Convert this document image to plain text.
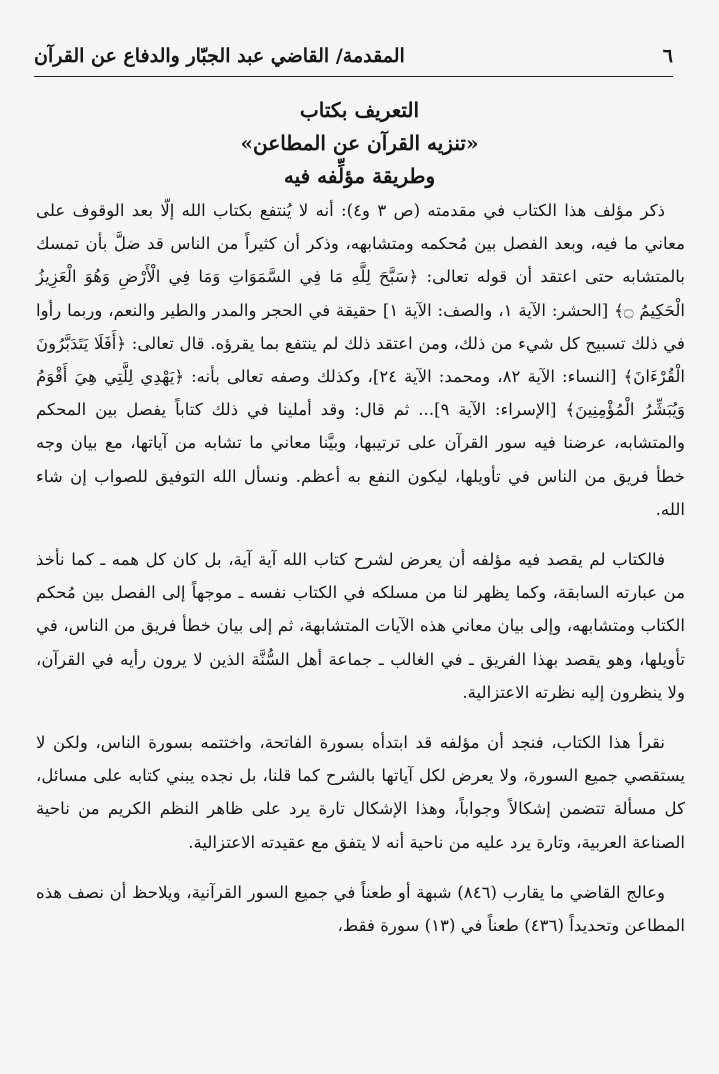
٦
المقدمة/ القاضي عبد الجبّار والدفاع عن القرآن
التعريف بكتاب
«تنزيه القرآن عن المطاعن»
وطريقة مؤلِّفه فيه

ذكر مؤلف هذا الكتاب في مقدمته (ص ٣ و٤): أنه لا يُنتفع بكتاب الله إلّا بعد الوقوف على معاني ما فيه، وبعد الفصل بين مُحكمه ومتشابهه، وذكر أن كثيراً من الناس قد ضلَّ بأن تمسك بالمتشابه حتى اعتقد أن قوله تعالى: ﴿سَبَّحَ لِلَّهِ مَا فِي السَّمَوَاتِ وَمَا فِي الْأَرْضِ وَهُوَ الْعَزِيزُ الْحَكِيمُ ۝﴾ [الحشر: الآية ١، والصف: الآية ١] حقيقة في الحجر والمدر والطير والنعم، وربما رأوا في ذلك تسبيح كل شيء من ذلك، ومن اعتقد ذلك لم ينتفع بما يقرؤه. قال تعالى: ﴿أَفَلَا يَتَدَبَّرُونَ الْقُرْءَانَ﴾ [النساء: الآية ٨٢، ومحمد: الآية ٢٤]، وكذلك وصفه تعالى بأنه: ﴿يَهْدِي لِلَّتِي هِيَ أَقْوَمُ وَيُبَشِّرُ الْمُؤْمِنِينَ﴾ [الإسراء: الآية ٩]... ثم قال: وقد أملينا في ذلك كتاباً يفصل بين المحكم والمتشابه، عرضنا فيه سور القرآن على ترتيبها، وبيَّنا معاني ما تشابه من آياتها، مع بيان وجه خطأ فريق من الناس في تأويلها، ليكون النفع به أعظم. ونسأل الله التوفيق للصواب إن شاء الله.

فالكتاب لم يقصد فيه مؤلفه أن يعرض لشرح كتاب الله آية آية، بل كان كل همه ـ كما نأخذ من عبارته السابقة، وكما يظهر لنا من مسلكه في الكتاب نفسه ـ موجهاً إلى الفصل بين مُحكم الكتاب ومتشابهه، وإلى بيان معاني هذه الآيات المتشابهة، ثم إلى بيان خطأ فريق من الناس، في تأويلها، وهو يقصد بهذا الفريق ـ في الغالب ـ جماعة أهل السُّنَّة الذين لا يرون رأيه في القرآن، ولا ينظرون إليه نظرته الاعتزالية.

نقرأ هذا الكتاب، فنجد أن مؤلفه قد ابتدأه بسورة الفاتحة، واختتمه بسورة الناس، ولكن لا يستقصي جميع السورة، ولا يعرض لكل آياتها بالشرح كما قلنا، بل نجده يبني كتابه على مسائل، كل مسألة تتضمن إشكالاً وجواباً، وهذا الإشكال تارة يرد على ظاهر النظم الكريم من ناحية الصناعة العربية، وتارة يرد عليه من ناحية أنه لا يتفق مع عقيدته الاعتزالية.

وعالج القاضي ما يقارب (٨٤٦) شبهة أو طعناً في جميع السور القرآنية، ويلاحظ أن نصف هذه المطاعن وتحديداً (٤٣٦) طعناً في (١٣) سورة فقط،
